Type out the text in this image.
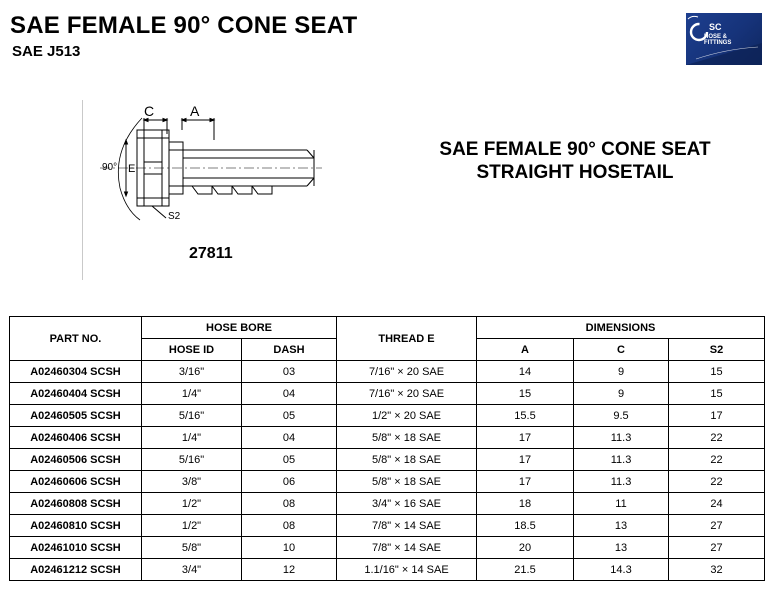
SAE FEMALE 90° CONE SEAT
SAE J513
SC
HOSE &
FITTINGS
C	A
90° E
S2
27811
SAE FEMALE 90° CONE SEAT
STRAIGHT HOSETAIL
PART NO.	HOSE BORE		THREAD E	DIMENSIONS		
	HOSE ID	DASH		A	C	S2
A02460304 SCSH	3/16"	03	7/16" × 20 SAE	14	9	15
A02460404 SCSH	1/4"	04	7/16" × 20 SAE	15	9	15
A02460505 SCSH	5/16"	05	1/2" × 20 SAE	15.5	9.5	17
A02460406 SCSH	1/4"	04	5/8" × 18 SAE	17	11.3	22
A02460506 SCSH	5/16"	05	5/8" × 18 SAE	17	11.3	22
A02460606 SCSH	3/8"	06	5/8" × 18 SAE	17	11.3	22
A02460808 SCSH	1/2"	08	3/4" × 16 SAE	18	11	24
A02460810 SCSH	1/2"	08	7/8" × 14 SAE	18.5	13	27
A02461010 SCSH	5/8"	10	7/8" × 14 SAE	20	13	27
A02461212 SCSH	3/4"	12	1.1/16" × 14 SAE	21.5	14.3	32
